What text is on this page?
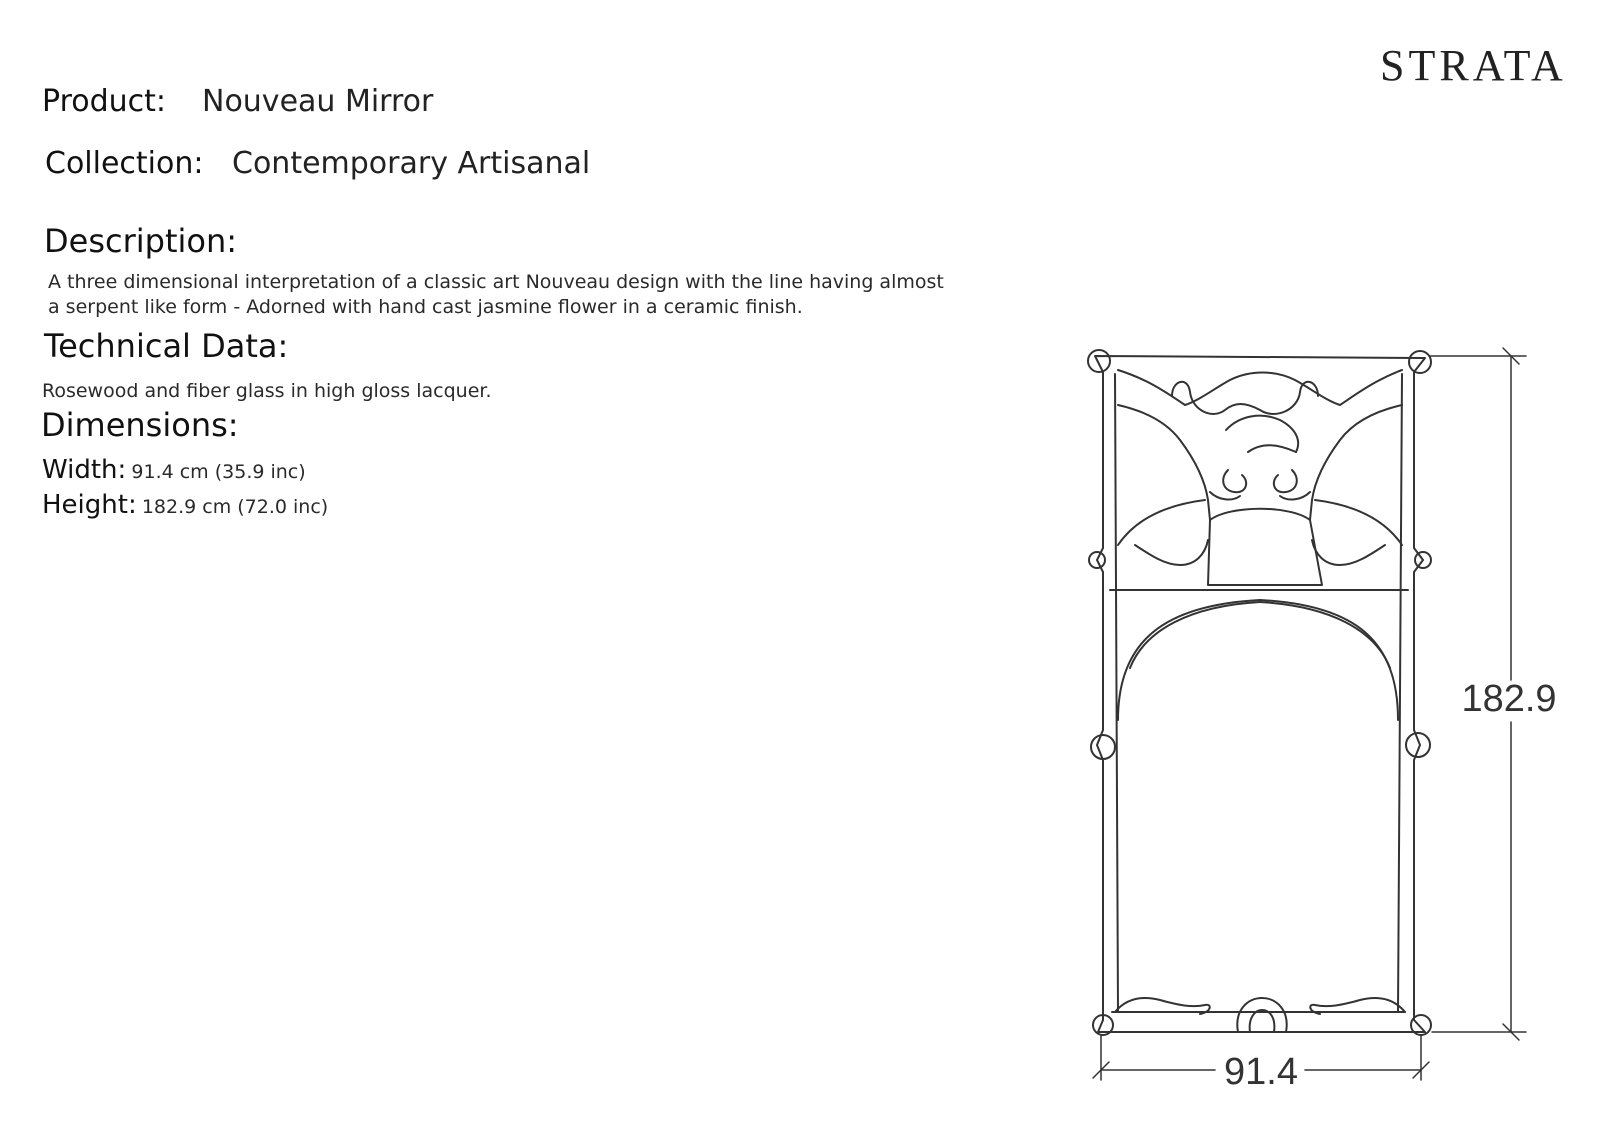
STRATA
Product: Nouveau Mirror
Collection: Contemporary Artisanal
Description:
A three dimensional interpretation of a classic art Nouveau design with the line having almost
a serpent like form - Adorned with hand cast jasmine flower in a ceramic finish.
Technical Data:
Rosewood and fiber glass in high gloss lacquer.
Dimensions:
Width: 91.4 cm (35.9 inc)
Height: 182.9 cm (72.0 inc)
182.9
91.4
